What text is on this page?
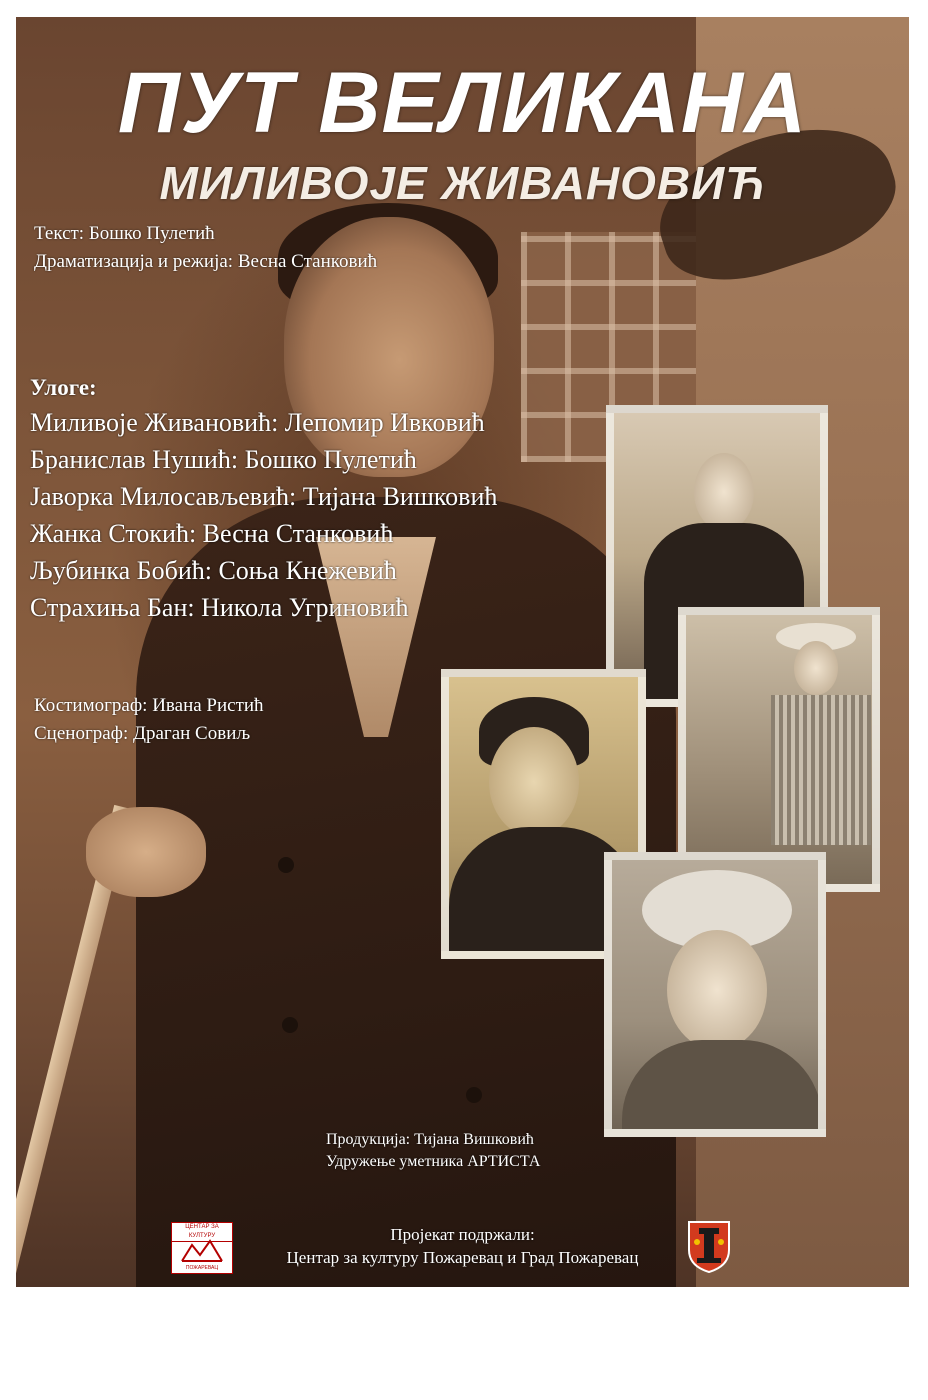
ПУТ ВЕЛИКАНА
МИЛИВОЈЕ ЖИВАНОВИЋ
Текст: Бошко Пулетић
Драматизација и режија: Весна Станковић
Улоге:
Миливоје Живановић: Лепомир Ивковић
Бранислав Нушић: Бошко Пулетић
Јаворка Милосављевић: Тијана Вишковић
Жанка Стокић: Весна Станковић
Љубинка Бобић: Соња Кнежевић
Страхиња Бан: Никола Угриновић
Костимограф: Ивана Ристић
Сценограф: Драган Совиљ
Продукција: Тијана Вишковић
Удружење уметника АРТИСТА
Пројекат подржали:
Центар за културу Пожаревац и Град Пожаревац
ЦЕНТАР ЗА КУЛТУРУ
ПОЖАРЕВАЦ
